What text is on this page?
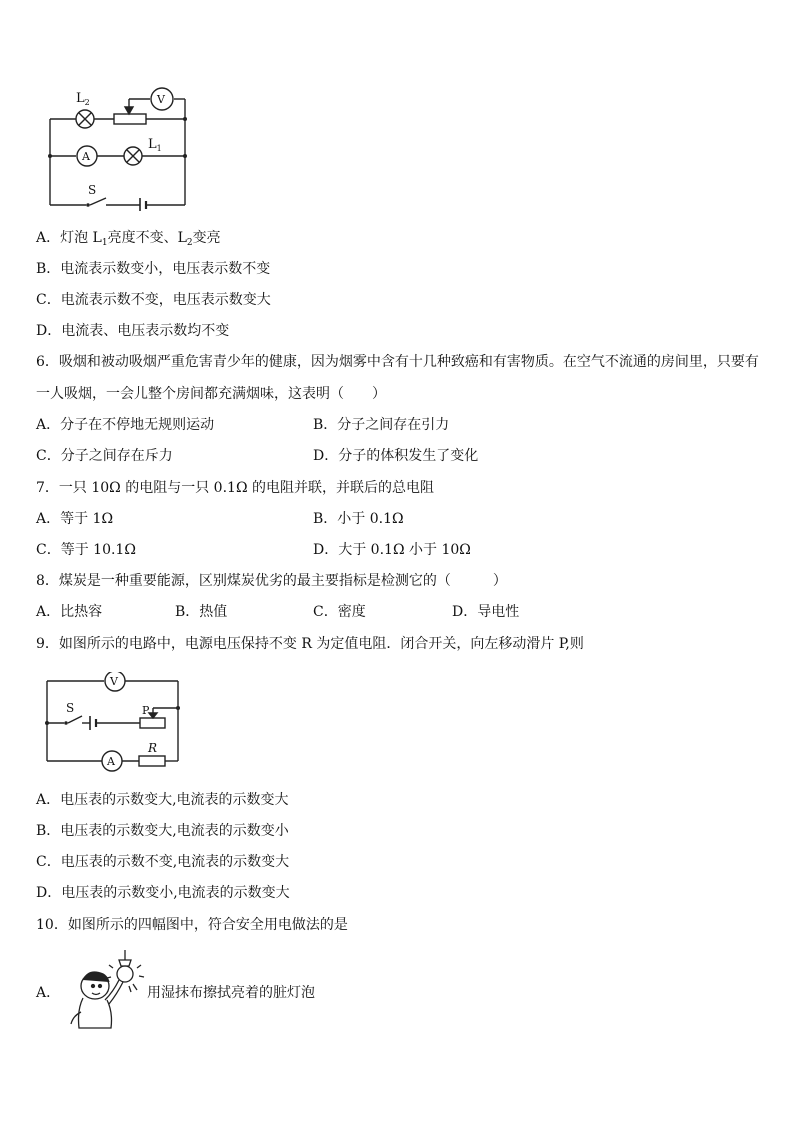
$L_2$	V
$L_1$
A
S
A．灯泡 $L_1$亮度不变、$L_2$变亮
B．电流表示数变小，电压表示数不变
C．电流表示数不变，电压表示数变大
D．电流表、电压表示数均不变
6．吸烟和被动吸烟严重危害青少年的健康，因为烟雾中含有十几种致癌和有害物质。在空气不流通的房间里，只要有
一人吸烟，一会儿整个房间都充满烟味，这表明（　　）
A．分子在不停地无规则运动	B．分子之间存在引力
C．分子之间存在斥力	D．分子的体积发生了变化
7．一只 10Ω 的电阻与一只 0.1Ω 的电阻并联，并联后的总电阻
A．等于 1Ω	B．小于 0.1Ω
C．等于 10.1Ω	D．大于 0.1Ω 小于 10Ω
8．煤炭是一种重要能源，区别煤炭优劣的最主要指标是检测它的（　　　）
A．比热容	B．热值	C．密度	D．导电性
9．如图所示的电路中，电源电压保持不变 R 为定值电阻．闭合开关，向左移动滑片 P,则
V
S	P
A
R
A．电压表的示数变大,电流表的示数变大
B．电压表的示数变大,电流表的示数变小
C．电压表的示数不变,电流表的示数变大
D．电压表的示数变小,电流表的示数变大
10．如图所示的四幅图中，符合安全用电做法的是
A．	用湿抹布擦拭亮着的脏灯泡
